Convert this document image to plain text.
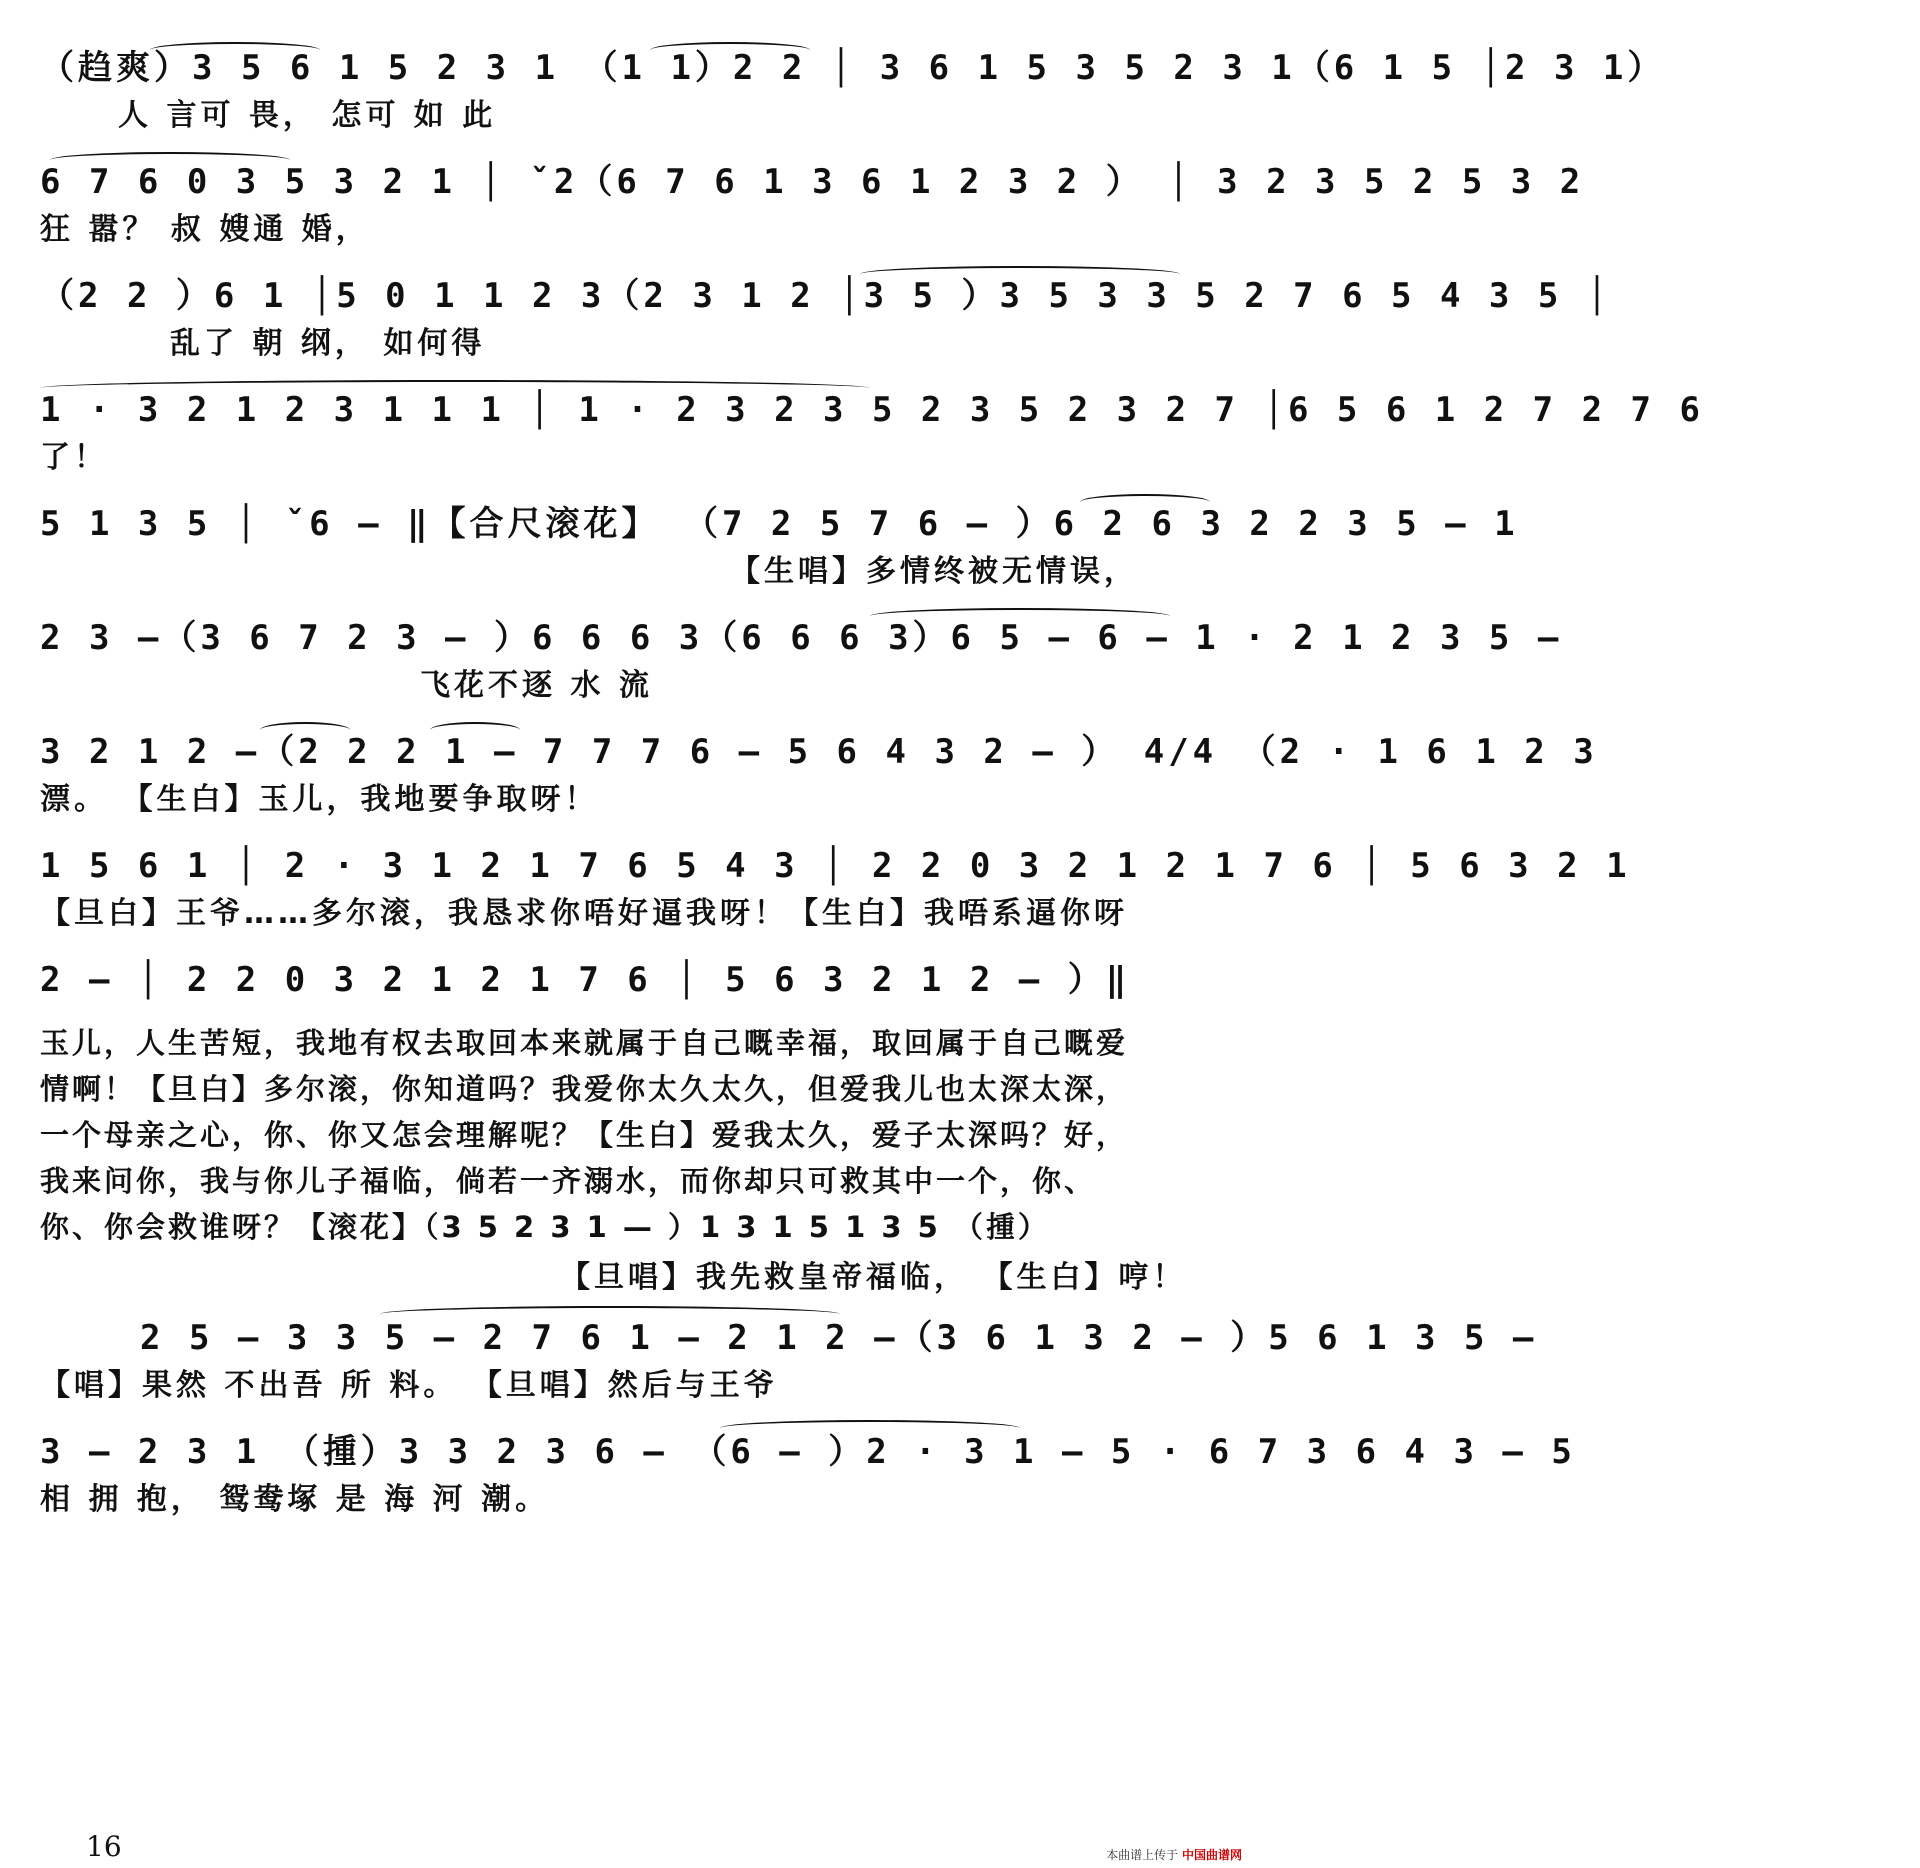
（趋爽）3 5 6 1 5 2 3 1 （1 1）2 2 │ 3 6 1 5 3 5 2 3 1（6 1 5 │2 3 1）
人 言可 畏， 怎可 如 此
6 7 6 0 3 5 3 2 1 │ ˇ2（6 7 6 1 3 6 1 2 3 2 ） │ 3 2 3 5 2 5 3 2
狂 嚣？ 叔 嫂通 婚，
（2 2 ）6 1 │5 0 1 1 2 3（2 3 1 2 │3 5 ）3 5 3 3 5 2 7 6 5 4 3 5 │
乱了 朝 纲， 如何得
1 · 3 2 1 2 3 1 1 1 │ 1 · 2 3 2 3 5 2 3 5 2 3 2 7 │6 5 6 1 2 7 2 7 6
了！
5 1 3 5 │ ˇ6 — ‖【合尺滚花】 （7 2 5 7 6 — ）6 2 6 3 2 2 3 5 — 1
【生唱】多情终被无情误，
2 3 —（3 6 7 2 3 — ）6 6 6 3（6 6 6 3）6 5 — 6 — 1 · 2 1 2 3 5 —
飞花不逐 水 流
3 2 1 2 —（2 2 2 1 — 7 7 7 6 — 5 6 4 3 2 — ） 4/4 （2 · 1 6 1 2 3
漂。 【生白】玉儿，我地要争取呀！
1 5 6 1 │ 2 · 3 1 2 1 7 6 5 4 3 │ 2 2 0 3 2 1 2 1 7 6 │ 5 6 3 2 1
【旦白】王爷……多尔滚，我恳求你唔好逼我呀！【生白】我唔系逼你呀
2 — │ 2 2 0 3 2 1 2 1 7 6 │ 5 6 3 2 1 2 — ）‖
玉儿，人生苦短，我地有权去取回本来就属于自己嘅幸福，取回属于自己嘅爱
情啊！【旦白】多尔滚，你知道吗？我爱你太久太久，但爱我儿也太深太深，
一个母亲之心，你、你又怎会理解呢？【生白】爱我太久，爱子太深吗？好，
我来问你，我与你儿子福临，倘若一齐溺水，而你却只可救其中一个，你、
你、你会救谁呀？【滚花】（3 5 2 3 1 — ）1 3 1 5 1 3 5 （揰）
【旦唱】我先救皇帝福临， 【生白】哼！
2 5 — 3 3 5 — 2 7 6 1 — 2 1 2 —（3 6 1 3 2 — ）5 6 1 3 5 —
【唱】果然 不出吾 所 料。 【旦唱】然后与王爷
3 — 2 3 1 （揰）3 3 2 3 6 — （6 — ）2 · 3 1 — 5 · 6 7 3 6 4 3 — 5
相 拥 抱， 鸳鸯塚 是 海 河 潮。
16	本曲谱上传于 中国曲谱网
